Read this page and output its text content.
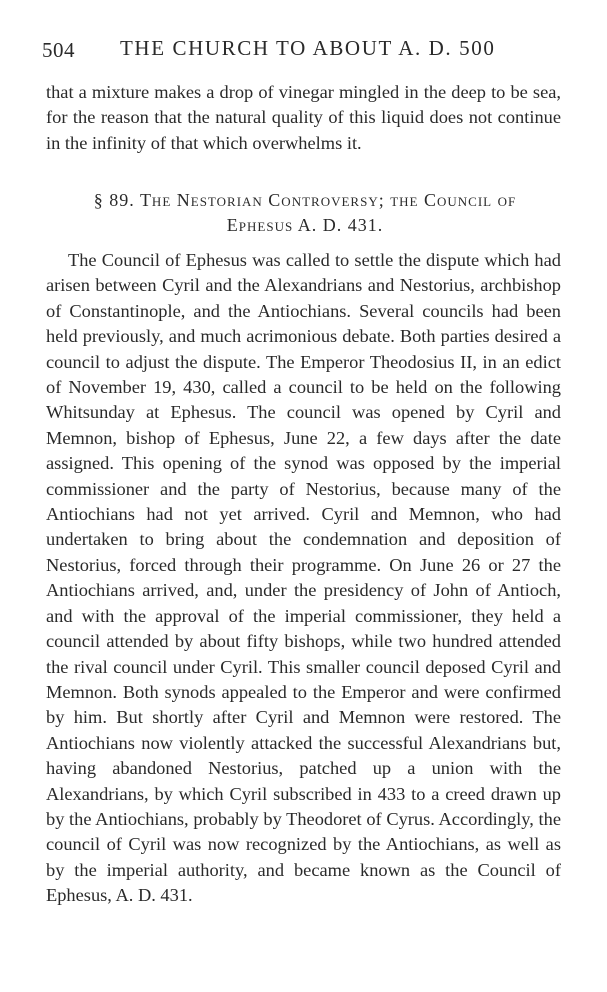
504 THE CHURCH TO ABOUT A. D. 500

that a mixture makes a drop of vinegar mingled in the deep to be sea, for the reason that the natural quality of this liquid does not continue in the infinity of that which overwhelms it.

§ 89. The Nestorian Controversy; the Council of
Ephesus A. D. 431.

The Council of Ephesus was called to settle the dispute which had arisen between Cyril and the Alexandrians and Nestorius, archbishop of Constantinople, and the Antiochians. Several councils had been held previously, and much acrimonious debate. Both parties desired a council to adjust the dispute. The Emperor Theodosius II, in an edict of November 19, 430, called a council to be held on the following Whitsunday at Ephesus. The council was opened by Cyril and Memnon, bishop of Ephesus, June 22, a few days after the date assigned. This opening of the synod was opposed by the imperial commissioner and the party of Nestorius, because many of the Antiochians had not yet arrived. Cyril and Memnon, who had undertaken to bring about the condemnation and deposition of Nestorius, forced through their programme. On June 26 or 27 the Antiochians arrived, and, under the presidency of John of Antioch, and with the approval of the imperial commissioner, they held a council attended by about fifty bishops, while two hundred attended the rival council under Cyril. This smaller council deposed Cyril and Memnon. Both synods appealed to the Emperor and were confirmed by him. But shortly after Cyril and Memnon were restored. The Antiochians now violently attacked the successful Alexandrians but, having abandoned Nestorius, patched up a union with the Alexandrians, by which Cyril subscribed in 433 to a creed drawn up by the Antiochians, probably by Theodoret of Cyrus. Accordingly, the council of Cyril was now recognized by the Antiochians, as well as by the imperial authority, and became known as the Council of Ephesus, A. D. 431.
